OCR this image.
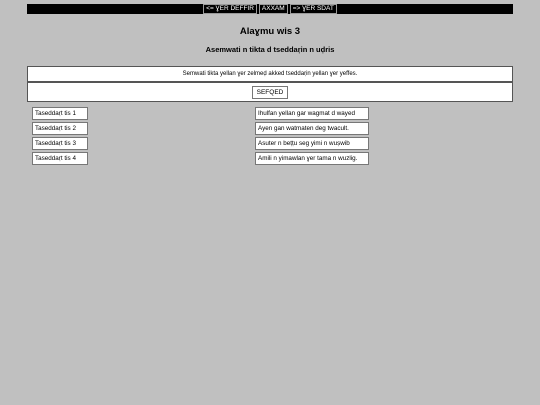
<= ƔER DEFFIR	AXXAM	=> ƔER SDAT
Alaɣmu wis 3
Asemwati n tikta d tseddaṛin n uḍris
Semwati tikta yellan ɣer zelmeḍ akked tseddaṛin yellan ɣer yeffes.
SEFQED
Taseddaṛt tis 1
Taseddaṛt tis 2
Taseddaṛt tis 3
Taseddaṛt tis 4
Ihulfan yellan gar wagmat d wayed
Ayen gan watmaten deg twacult.
Asuter n beṭṭu seg yimi n wuṣwib
Amili n yimawlan ɣer tama n wuzlig.
